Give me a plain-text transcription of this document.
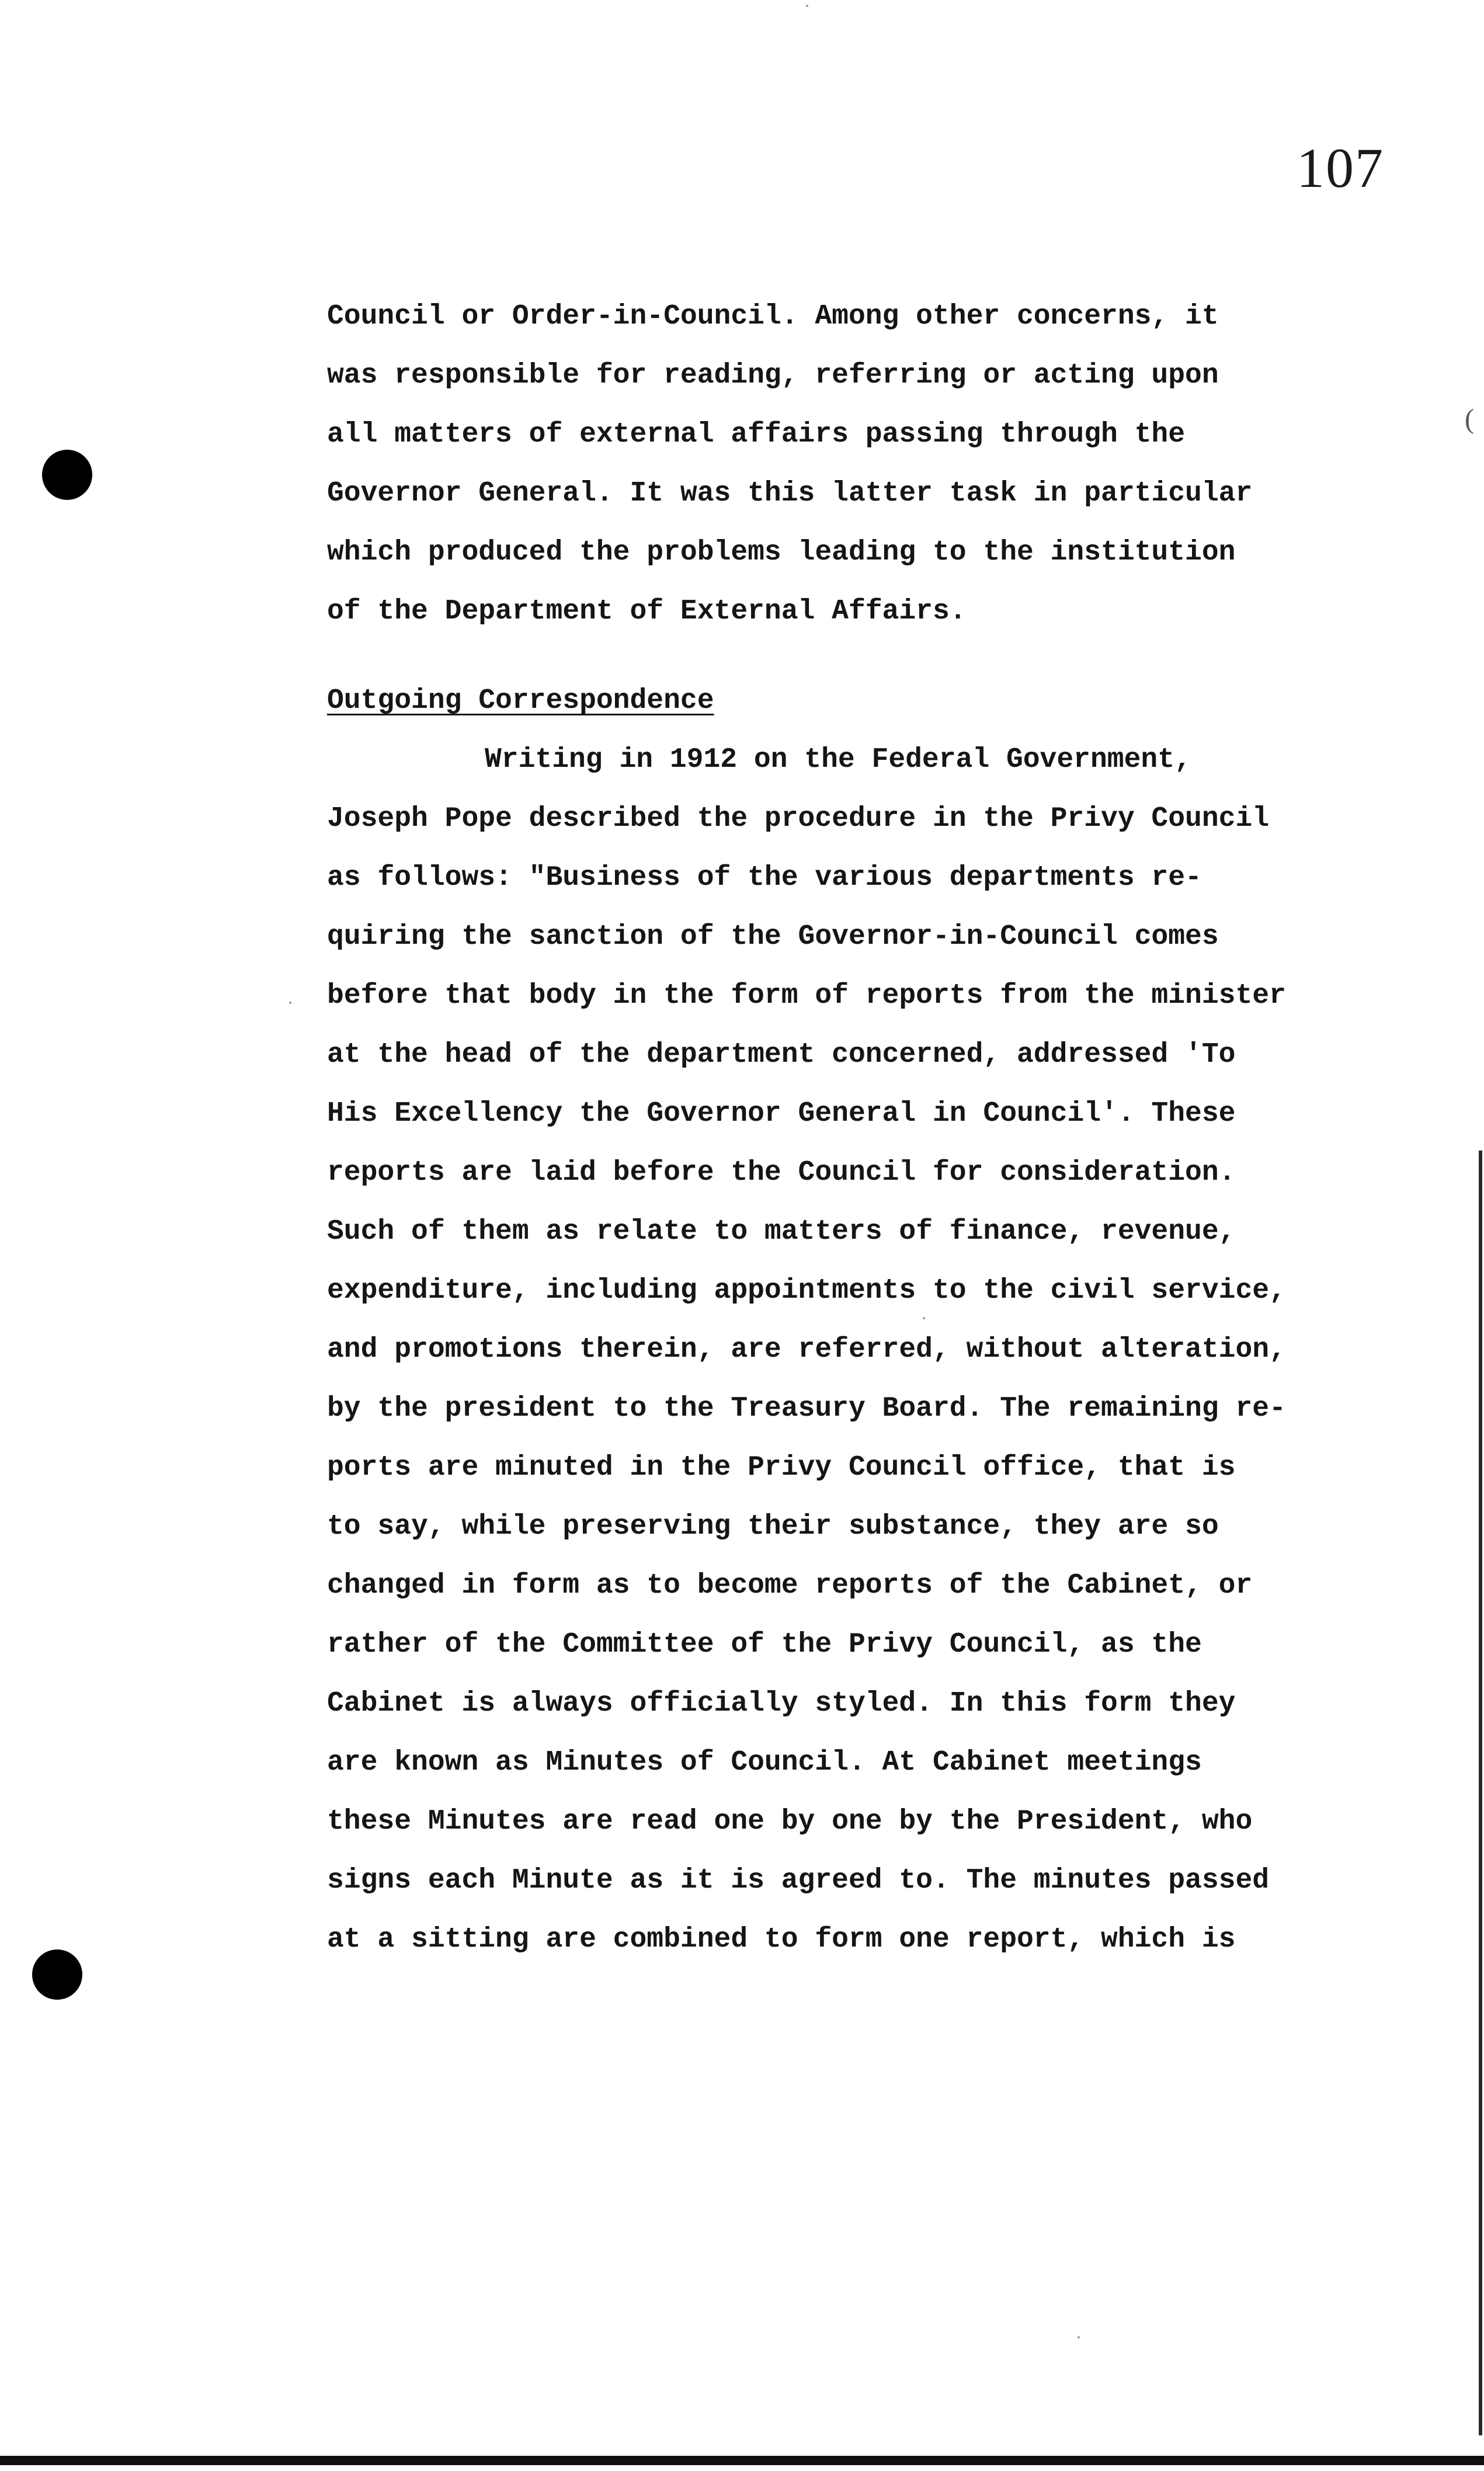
107
(
Council or Order-in-Council. Among other concerns, it
was responsible for reading, referring or acting upon
all matters of external affairs passing through the
Governor General. It was this latter task in particular
which produced the problems leading to the institution
of the Department of External Affairs.
Outgoing Correspondence
Writing in 1912 on the Federal Government,
Joseph Pope described the procedure in the Privy Council
as follows: "Business of the various departments re-
quiring the sanction of the Governor-in-Council comes
before that body in the form of reports from the minister
at the head of the department concerned, addressed 'To
His Excellency the Governor General in Council'. These
reports are laid before the Council for consideration.
Such of them as relate to matters of finance, revenue,
expenditure, including appointments to the civil service,
and promotions therein, are referred, without alteration,
by the president to the Treasury Board. The remaining re-
ports are minuted in the Privy Council office, that is
to say, while preserving their substance, they are so
changed in form as to become reports of the Cabinet, or
rather of the Committee of the Privy Council, as the
Cabinet is always officially styled. In this form they
are known as Minutes of Council. At Cabinet meetings
these Minutes are read one by one by the President, who
signs each Minute as it is agreed to. The minutes passed
at a sitting are combined to form one report, which is
